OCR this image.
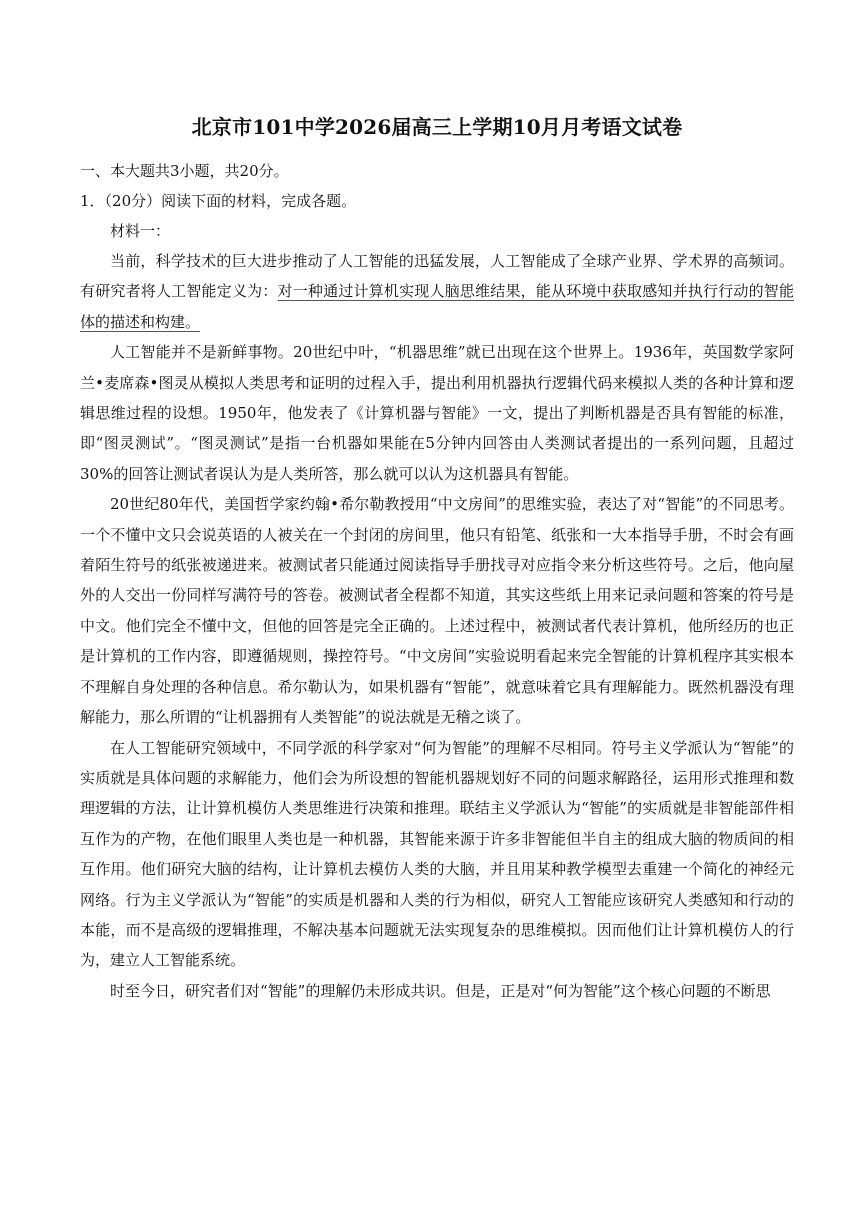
北京市101中学2026届高三上学期10月月考语文试卷

一、本大题共3小题，共20分。

1．（20分）阅读下面的材料，完成各题。

材料一：

当前，科学技术的巨大进步推动了人工智能的迅猛发展，人工智能成了全球产业界、学术界的高频词。有研究者将人工智能定义为：对一种通过计算机实现人脑思维结果，能从环境中获取感知并执行行动的智能体的描述和构建。

人工智能并不是新鲜事物。20世纪中叶，“机器思维”就已出现在这个世界上。1936年，英国数学家阿兰•麦席森•图灵从模拟人类思考和证明的过程入手，提出利用机器执行逻辑代码来模拟人类的各种计算和逻辑思维过程的设想。1950年，他发表了《计算机器与智能》一文，提出了判断机器是否具有智能的标准，即“图灵测试”。“图灵测试”是指一台机器如果能在5分钟内回答由人类测试者提出的一系列问题，且超过30%的回答让测试者误认为是人类所答，那么就可以认为这机器具有智能。

20世纪80年代，美国哲学家约翰•希尔勒教授用“中文房间”的思维实验，表达了对“智能”的不同思考。一个不懂中文只会说英语的人被关在一个封闭的房间里，他只有铅笔、纸张和一大本指导手册，不时会有画着陌生符号的纸张被递进来。被测试者只能通过阅读指导手册找寻对应指令来分析这些符号。之后，他向屋外的人交出一份同样写满符号的答卷。被测试者全程都不知道，其实这些纸上用来记录问题和答案的符号是中文。他们完全不懂中文，但他的回答是完全正确的。上述过程中，被测试者代表计算机，他所经历的也正是计算机的工作内容，即遵循规则，操控符号。“中文房间”实验说明看起来完全智能的计算机程序其实根本不理解自身处理的各种信息。希尔勒认为，如果机器有“智能”，就意味着它具有理解能力。既然机器没有理解能力，那么所谓的“让机器拥有人类智能”的说法就是无稽之谈了。

在人工智能研究领域中，不同学派的科学家对“何为智能”的理解不尽相同。符号主义学派认为“智能”的实质就是具体问题的求解能力，他们会为所设想的智能机器规划好不同的问题求解路径，运用形式推理和数理逻辑的方法，让计算机模仿人类思维进行决策和推理。联结主义学派认为“智能”的实质就是非智能部件相互作为的产物，在他们眼里人类也是一种机器，其智能来源于许多非智能但半自主的组成大脑的物质间的相互作用。他们研究大脑的结构，让计算机去模仿人类的大脑，并且用某种教学模型去重建一个简化的神经元网络。行为主义学派认为“智能”的实质是机器和人类的行为相似，研究人工智能应该研究人类感知和行动的本能，而不是高级的逻辑推理，不解决基本问题就无法实现复杂的思维模拟。因而他们让计算机模仿人的行为，建立人工智能系统。

时至今日，研究者们对“智能”的理解仍未形成共识。但是，正是对“何为智能”这个核心问题的不断思
